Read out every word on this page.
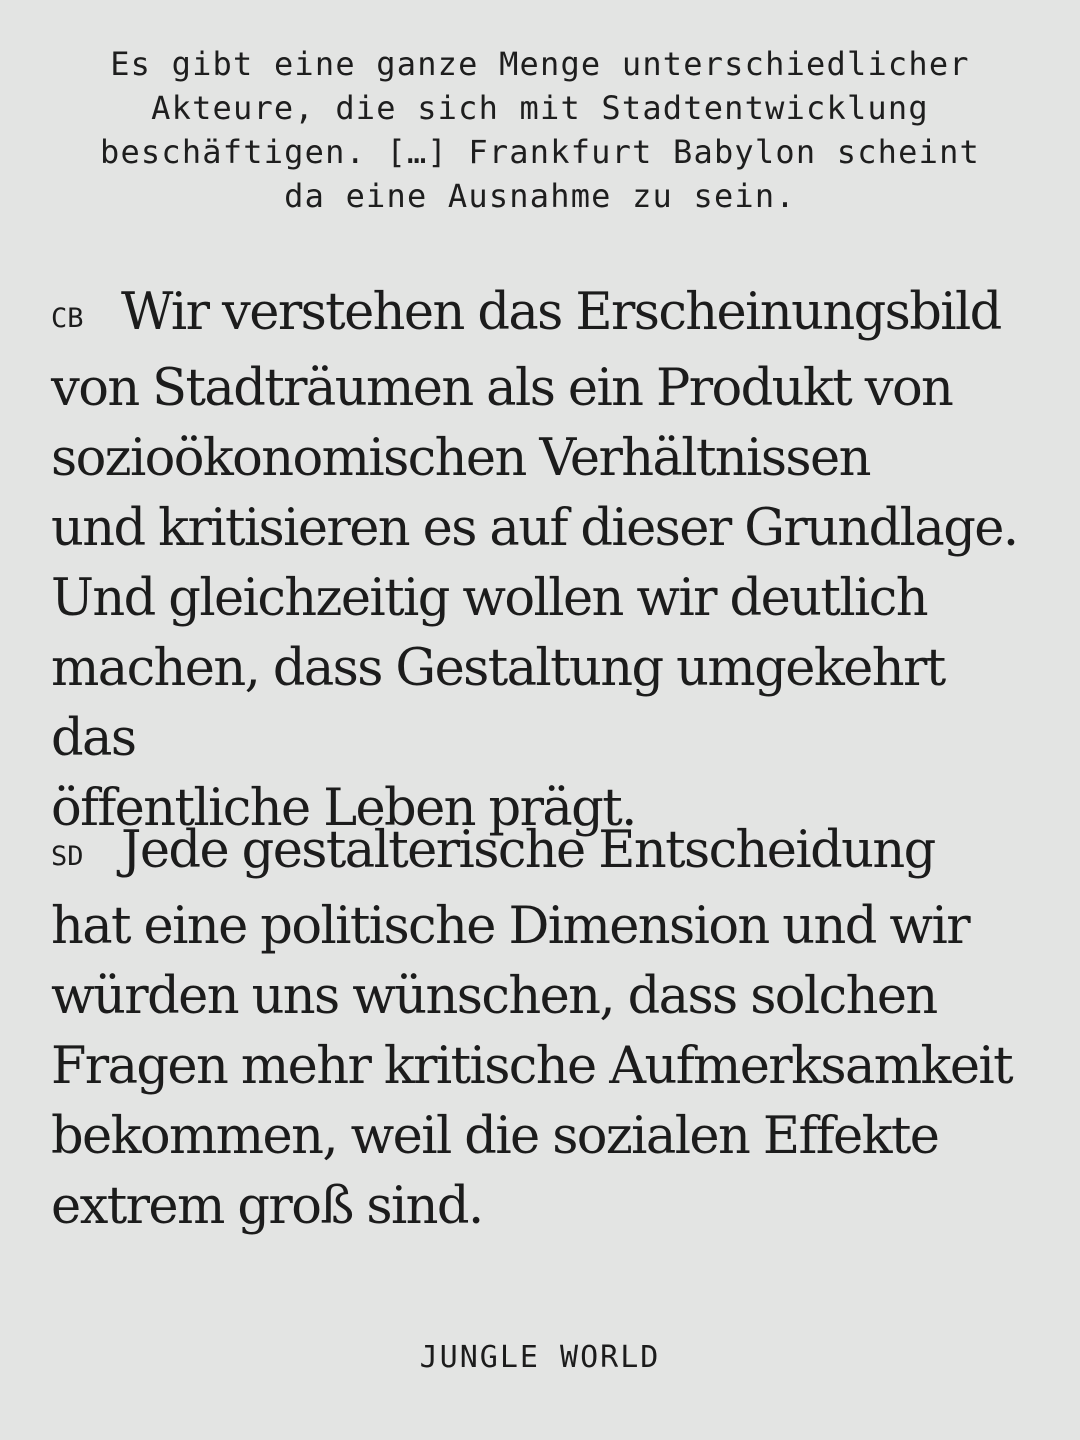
Es gibt eine ganze Menge unterschiedlicher
Akteure, die sich mit Stadtentwicklung
beschäftigen. […] Frankfurt Babylon scheint
da eine Ausnahme zu sein.

CB Wir verstehen das Erscheinungsbild
von Stadträumen als ein Produkt von
sozioökonomischen Verhältnissen
und kritisieren es auf dieser Grundlage.
Und gleichzeitig wollen wir deutlich
machen, dass Gestaltung umgekehrt das
öffentliche Leben prägt.

SD Jede gestalterische Entscheidung
hat eine politische Dimension und wir
würden uns wünschen, dass solchen
Fragen mehr kritische Aufmerksamkeit
bekommen, weil die sozialen Effekte
extrem groß sind.

JUNGLE WORLD
